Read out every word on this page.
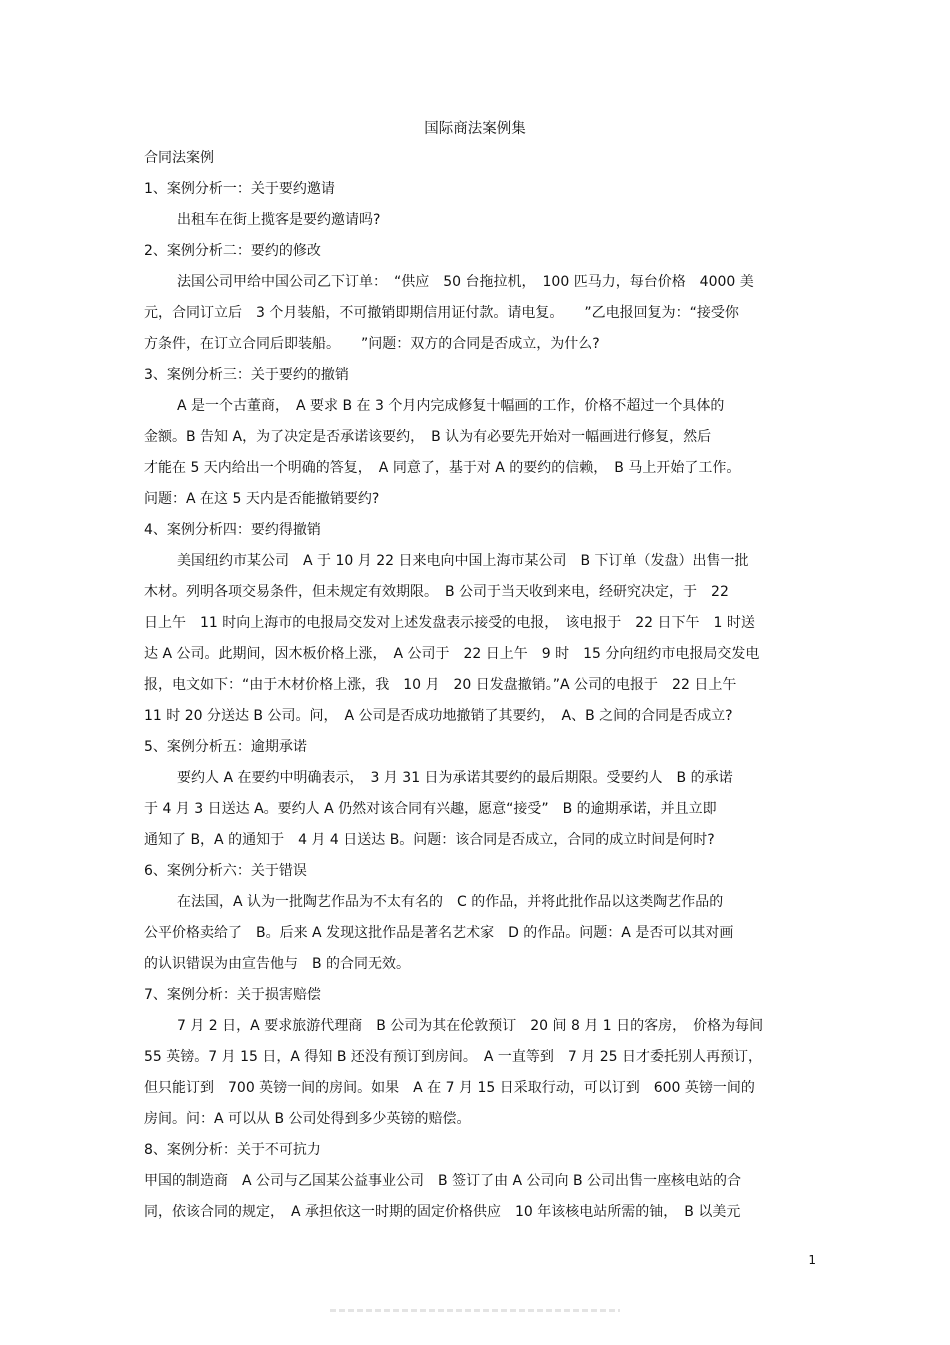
国际商法案例集
合同法案例
1、案例分析一：关于要约邀请
出租车在街上揽客是要约邀请吗?
2、案例分析二：要约的修改
法国公司甲给中国公司乙下订单：　“供应　50 台拖拉机，　100 匹马力，每台价格　4000 美
元，合同订立后　3 个月装船，不可撤销即期信用证付款。请电复。　　”乙电报回复为：“接受你
方条件，在订立合同后即装船。　　”问题：双方的合同是否成立，为什么?
3、案例分析三：关于要约的撤销
A 是一个古董商，　A 要求 B 在 3 个月内完成修复十幅画的工作，价格不超过一个具体的
金额。B 告知 A，为了决定是否承诺该要约，　B 认为有必要先开始对一幅画进行修复，然后
才能在 5 天内给出一个明确的答复，　A 同意了，基于对 A 的要约的信赖，　B 马上开始了工作。
问题：A 在这 5 天内是否能撤销要约?
4、案例分析四：要约得撤销
美国纽约市某公司　A 于 10 月 22 日来电向中国上海市某公司　B 下订单（发盘）出售一批
木材。列明各项交易条件，但未规定有效期限。　B 公司于当天收到来电，经研究决定，于　22
日上午　11 时向上海市的电报局交发对上述发盘表示接受的电报，　该电报于　22 日下午　1 时送
达 A 公司。此期间，因木板价格上涨，　A 公司于　22 日上午　9 时　15 分向纽约市电报局交发电
报，电文如下：“由于木材价格上涨，我　10 月　20 日发盘撤销。”A 公司的电报于　22 日上午
11 时 20 分送达 B 公司。问，　A 公司是否成功地撤销了其要约，　A、B 之间的合同是否成立?
5、案例分析五：逾期承诺
要约人 A 在要约中明确表示，　3 月 31 日为承诺其要约的最后期限。受要约人　B 的承诺
于 4 月 3 日送达 A。要约人 A 仍然对该合同有兴趣，愿意“接受”　B 的逾期承诺，并且立即
通知了 B，A 的通知于　4 月 4 日送达 B。问题：该合同是否成立，合同的成立时间是何时?
6、案例分析六：关于错误
在法国，A 认为一批陶艺作品为不太有名的　C 的作品，并将此批作品以这类陶艺作品的
公平价格卖给了　B。后来 A 发现这批作品是著名艺术家　D 的作品。问题：A 是否可以其对画
的认识错误为由宣告他与　B 的合同无效。
7、案例分析：关于损害赔偿
7 月 2 日，A 要求旅游代理商　B 公司为其在伦敦预订　20 间 8 月 1 日的客房，　价格为每间
55 英镑。7 月 15 日，A 得知 B 还没有预订到房间。　A 一直等到　7 月 25 日才委托别人再预订，
但只能订到　700 英镑一间的房间。如果　A 在 7 月 15 日采取行动，可以订到　600 英镑一间的
房间。问：A 可以从 B 公司处得到多少英镑的赔偿。
8、案例分析：关于不可抗力
甲国的制造商　A 公司与乙国某公益事业公司　B 签订了由 A 公司向 B 公司出售一座核电站的合
同，依该合同的规定，　A 承担依这一时期的固定价格供应　10 年该核电站所需的铀，　B 以美元
1
